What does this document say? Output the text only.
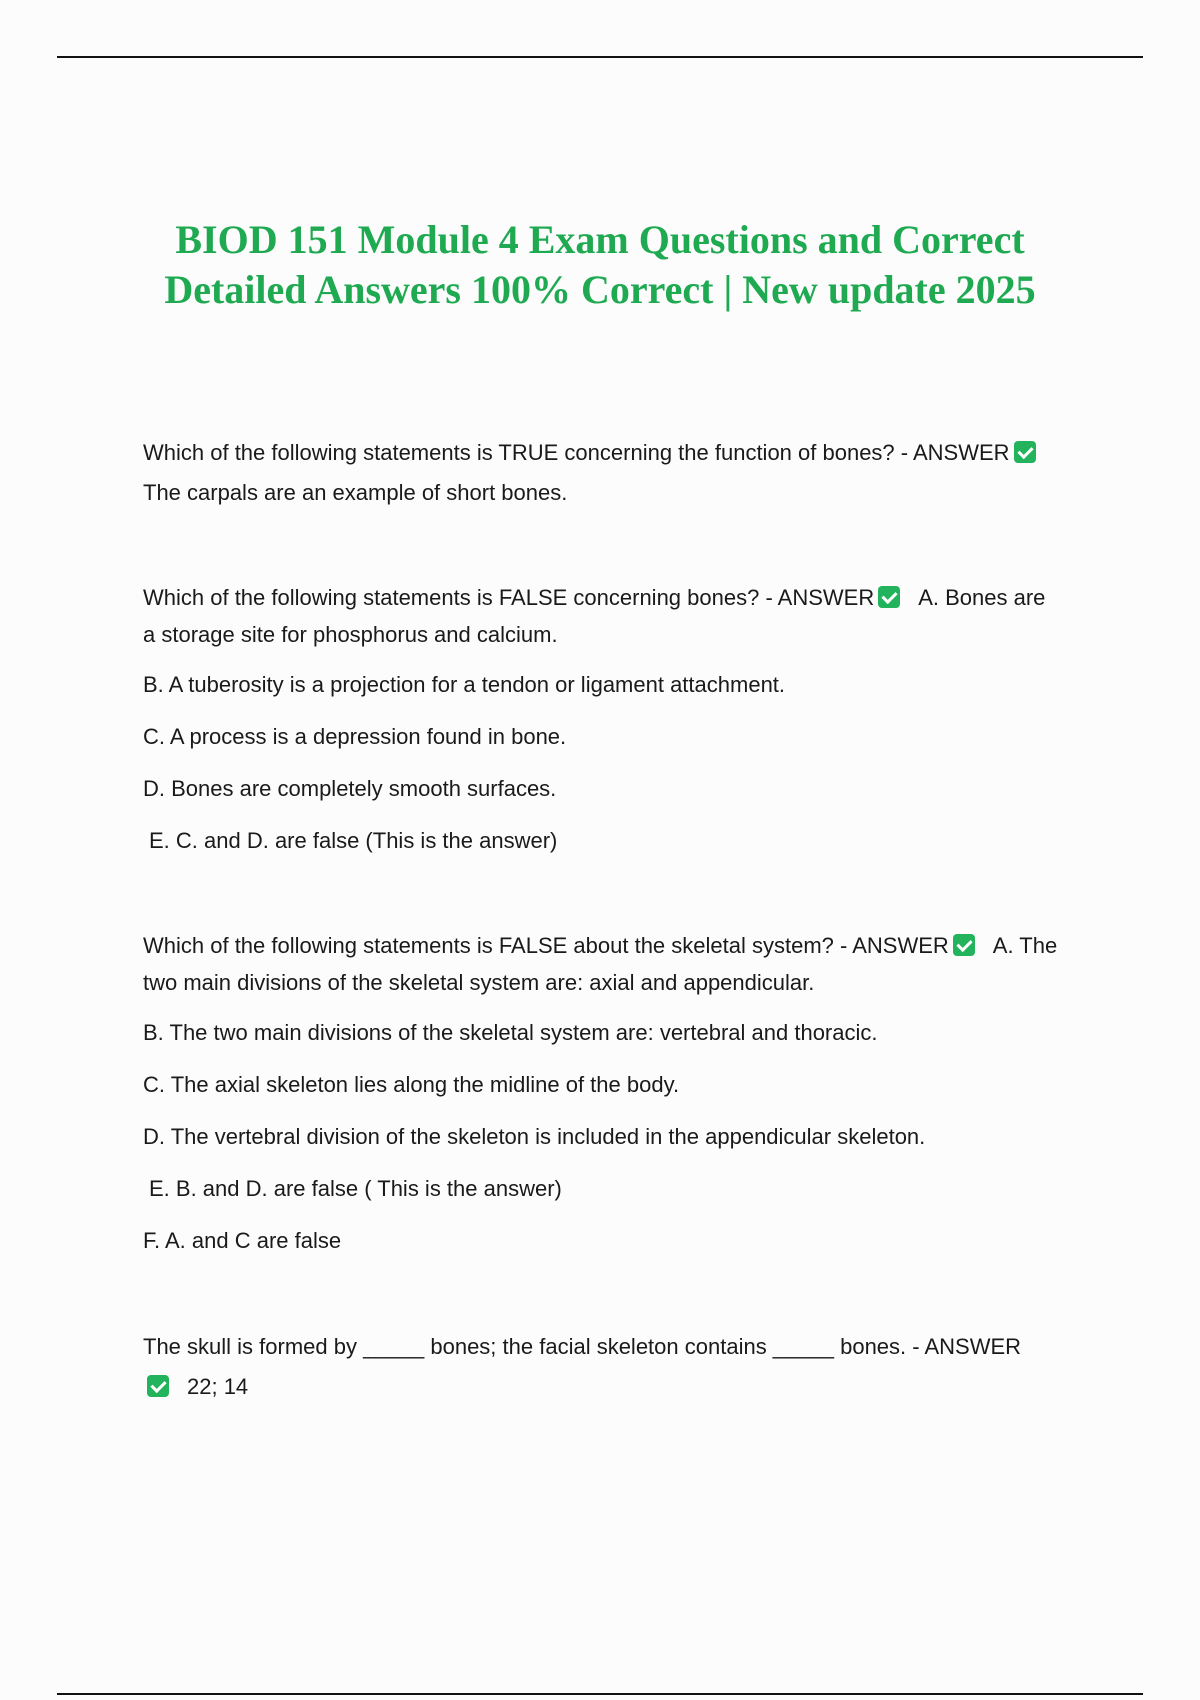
BIOD 151 Module 4 Exam Questions and Correct Detailed Answers 100% Correct | New update 2025

Which of the following statements is TRUE concerning the function of bones? - ANSWERThe carpals are an example of short bones.

Which of the following statements is FALSE concerning bones? - ANSWER A. Bones are a storage site for phosphorus and calcium.

B. A tuberosity is a projection for a tendon or ligament attachment.

C. A process is a depression found in bone.

D. Bones are completely smooth surfaces.

E. C. and D. are false (This is the answer)

Which of the following statements is FALSE about the skeletal system? - ANSWER A. The two main divisions of the skeletal system are: axial and appendicular.

B. The two main divisions of the skeletal system are: vertebral and thoracic.

C. The axial skeleton lies along the midline of the body.

D. The vertebral division of the skeleton is included in the appendicular skeleton.

E. B. and D. are false ( This is the answer)

F. A. and C are false

The skull is formed by _____ bones; the facial skeleton contains _____ bones. - ANSWER22; 14
